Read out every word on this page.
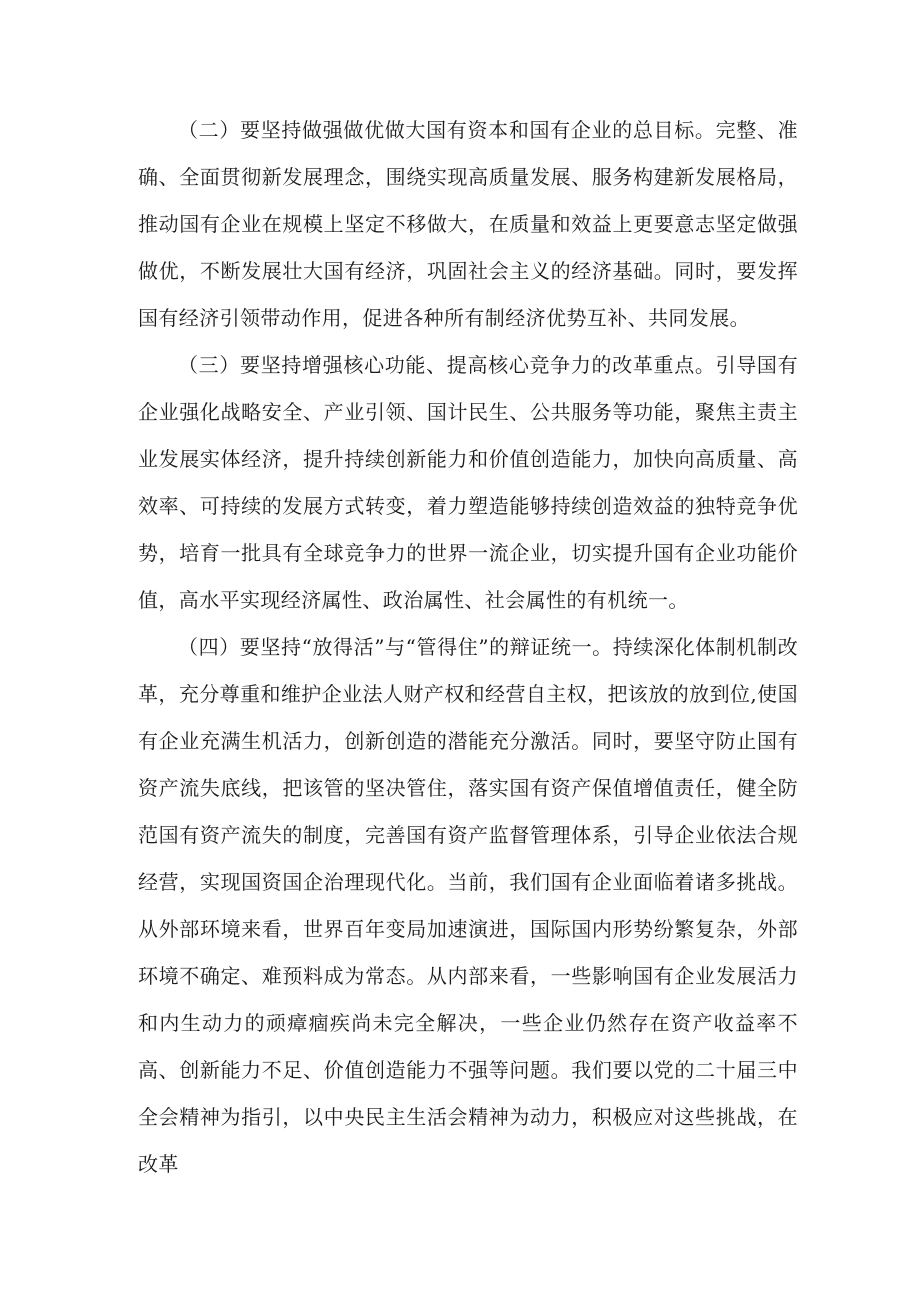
（二）要坚持做强做优做大国有资本和国有企业的总目标。完整、准确、全面贯彻新发展理念，围绕实现高质量发展、服务构建新发展格局，推动国有企业在规模上坚定不移做大，在质量和效益上更要意志坚定做强做优，不断发展壮大国有经济，巩固社会主义的经济基础。同时，要发挥国有经济引领带动作用，促进各种所有制经济优势互补、共同发展。

（三）要坚持增强核心功能、提高核心竞争力的改革重点。引导国有企业强化战略安全、产业引领、国计民生、公共服务等功能，聚焦主责主业发展实体经济，提升持续创新能力和价值创造能力，加快向高质量、高效率、可持续的发展方式转变，着力塑造能够持续创造效益的独特竞争优势，培育一批具有全球竞争力的世界一流企业，切实提升国有企业功能价值，高水平实现经济属性、政治属性、社会属性的有机统一。

（四）要坚持“放得活”与“管得住”的辩证统一。持续深化体制机制改革，充分尊重和维护企业法人财产权和经营自主权，把该放的放到位,使国有企业充满生机活力，创新创造的潜能充分激活。同时，要坚守防止国有资产流失底线，把该管的坚决管住，落实国有资产保值增值责任，健全防范国有资产流失的制度，完善国有资产监督管理体系，引导企业依法合规经营，实现国资国企治理现代化。当前，我们国有企业面临着诸多挑战。从外部环境来看，世界百年变局加速演进，国际国内形势纷繁复杂，外部环境不确定、难预料成为常态。从内部来看，一些影响国有企业发展活力和内生动力的顽瘴痼疾尚未完全解决，一些企业仍然存在资产收益率不高、创新能力不足、价值创造能力不强等问题。我们要以党的二十届三中全会精神为指引，以中央民主生活会精神为动力，积极应对这些挑战，在改革
